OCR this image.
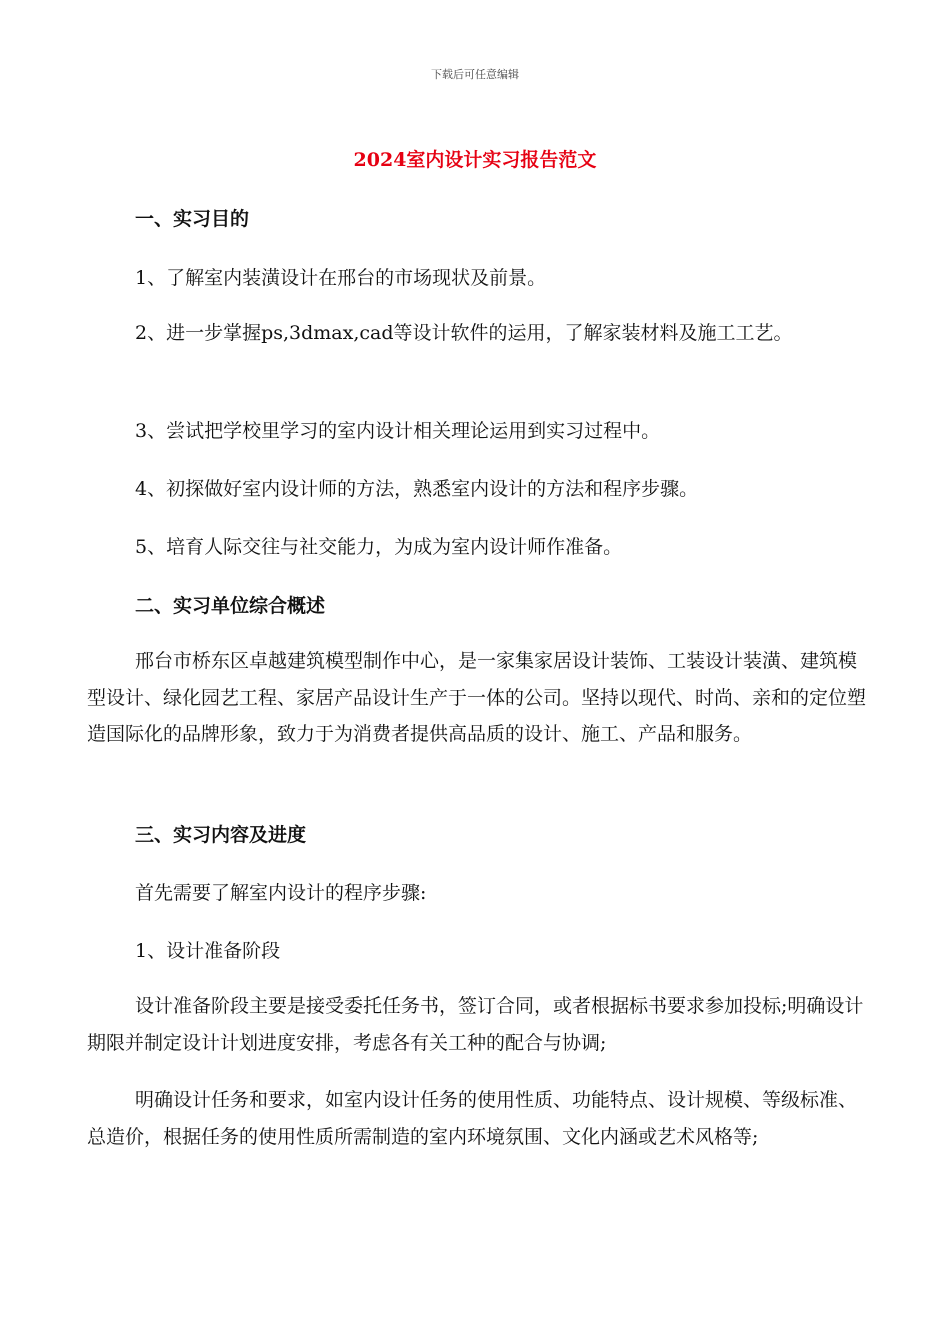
下载后可任意编辑
2024室内设计实习报告范文
一、实习目的
1、了解室内装潢设计在邢台的市场现状及前景。
2、进一步掌握ps,3dmax,cad等设计软件的运用，了解家装材料及施工工艺。
3、尝试把学校里学习的室内设计相关理论运用到实习过程中。
4、初探做好室内设计师的方法，熟悉室内设计的方法和程序步骤。
5、培育人际交往与社交能力，为成为室内设计师作准备。
二、实习单位综合概述
邢台市桥东区卓越建筑模型制作中心，是一家集家居设计装饰、工装设计装潢、建筑模型设计、绿化园艺工程、家居产品设计生产于一体的公司。坚持以现代、时尚、亲和的定位塑造国际化的品牌形象，致力于为消费者提供高品质的设计、施工、产品和服务。
三、实习内容及进度
首先需要了解室内设计的程序步骤:
1、设计准备阶段
设计准备阶段主要是接受委托任务书，签订合同，或者根据标书要求参加投标;明确设计期限并制定设计计划进度安排，考虑各有关工种的配合与协调;
明确设计任务和要求，如室内设计任务的使用性质、功能特点、设计规模、等级标准、总造价，根据任务的使用性质所需制造的室内环境氛围、文化内涵或艺术风格等;
